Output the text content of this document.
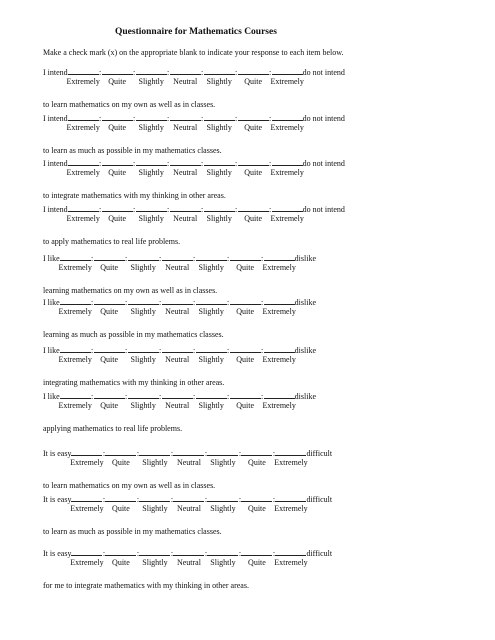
Questionnaire for Mathematics Courses
Make a check mark (x) on the appropriate blank to indicate your response to each item below.
I intend	:	:	:	:	:	:	do not intend
Extremely Quite Slightly Neutral Slightly Quite Extremely
to learn mathematics on my own as well as in classes.
I intend	:	:	:	:	:	:	do not intend
Extremely Quite Slightly Neutral Slightly Quite Extremely
to learn as much as possible in my mathematics classes.
I intend	:	:	:	:	:	:	do not intend
Extremely Quite Slightly Neutral Slightly Quite Extremely
to integrate mathematics with my thinking in other areas.
I intend	:	:	:	:	:	:	do not intend
Extremely Quite Slightly Neutral Slightly Quite Extremely
to apply mathematics to real life problems.
I like	:	:	:	:	:	:	dislike
Extremely Quite Slightly Neutral Slightly Quite Extremely
learning mathematics on my own as well as in classes.
I like	:	:	:	:	:	:	dislike
Extremely Quite Slightly Neutral Slightly Quite Extremely
learning as much as possible in my mathematics classes.
I like	:	:	:	:	:	:	dislike
Extremely Quite Slightly Neutral Slightly Quite Extremely
integrating mathematics with my thinking in other areas.
I like	:	:	:	:	:	:	dislike
Extremely Quite Slightly Neutral Slightly Quite Extremely
applying mathematics to real life problems.
It is easy	:	:	:	:	:	:	difficult
Extremely Quite Slightly Neutral Slightly Quite Extremely
to learn mathematics on my own as well as in classes.
It is easy	:	:	:	:	:	:	difficult
Extremely Quite Slightly Neutral Slightly Quite Extremely
to learn as much as possible in my mathematics classes.
It is easy	:	:	:	:	:	:	difficult
Extremely Quite Slightly Neutral Slightly Quite Extremely
for me to integrate mathematics with my thinking in other areas.
